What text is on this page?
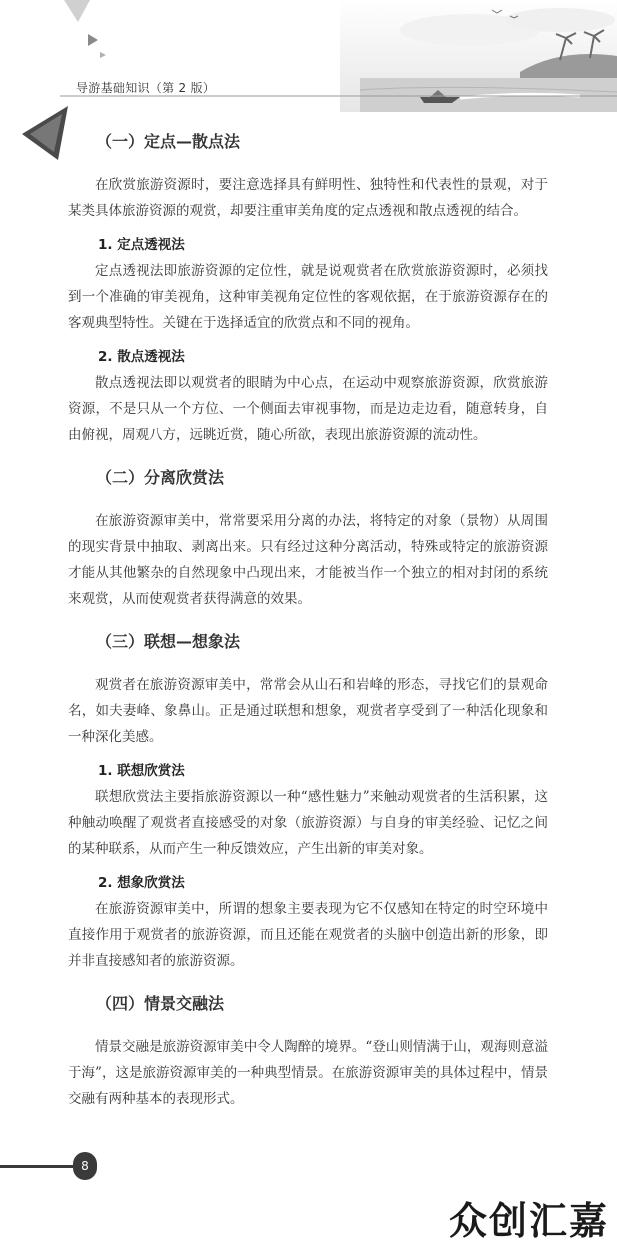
导游基础知识（第 2 版）
（一）定点—散点法

在欣赏旅游资源时，要注意选择具有鲜明性、独特性和代表性的景观，对于某类具体旅游资源的观赏，却要注重审美角度的定点透视和散点透视的结合。

1. 定点透视法

定点透视法即旅游资源的定位性，就是说观赏者在欣赏旅游资源时，必须找到一个准确的审美视角，这种审美视角定位性的客观依据，在于旅游资源存在的客观典型特性。关键在于选择适宜的欣赏点和不同的视角。

2. 散点透视法

散点透视法即以观赏者的眼睛为中心点，在运动中观察旅游资源，欣赏旅游资源，不是只从一个方位、一个侧面去审视事物，而是边走边看，随意转身，自由俯视，周观八方，远眺近赏，随心所欲，表现出旅游资源的流动性。

（二）分离欣赏法

在旅游资源审美中，常常要采用分离的办法，将特定的对象（景物）从周围的现实背景中抽取、剥离出来。只有经过这种分离活动，特殊或特定的旅游资源才能从其他繁杂的自然现象中凸现出来，才能被当作一个独立的相对封闭的系统来观赏，从而使观赏者获得满意的效果。

（三）联想—想象法

观赏者在旅游资源审美中，常常会从山石和岩峰的形态，寻找它们的景观命名，如夫妻峰、象鼻山。正是通过联想和想象，观赏者享受到了一种活化现象和一种深化美感。

1. 联想欣赏法

联想欣赏法主要指旅游资源以一种“感性魅力”来触动观赏者的生活积累，这种触动唤醒了观赏者直接感受的对象（旅游资源）与自身的审美经验、记忆之间的某种联系，从而产生一种反馈效应，产生出新的审美对象。

2. 想象欣赏法

在旅游资源审美中，所谓的想象主要表现为它不仅感知在特定的时空环境中直接作用于观赏者的旅游资源，而且还能在观赏者的头脑中创造出新的形象，即并非直接感知者的旅游资源。

（四）情景交融法

情景交融是旅游资源审美中令人陶醉的境界。“登山则情满于山，观海则意溢于海”，这是旅游资源审美的一种典型情景。在旅游资源审美的具体过程中，情景交融有两种基本的表现形式。

8
众创汇嘉
